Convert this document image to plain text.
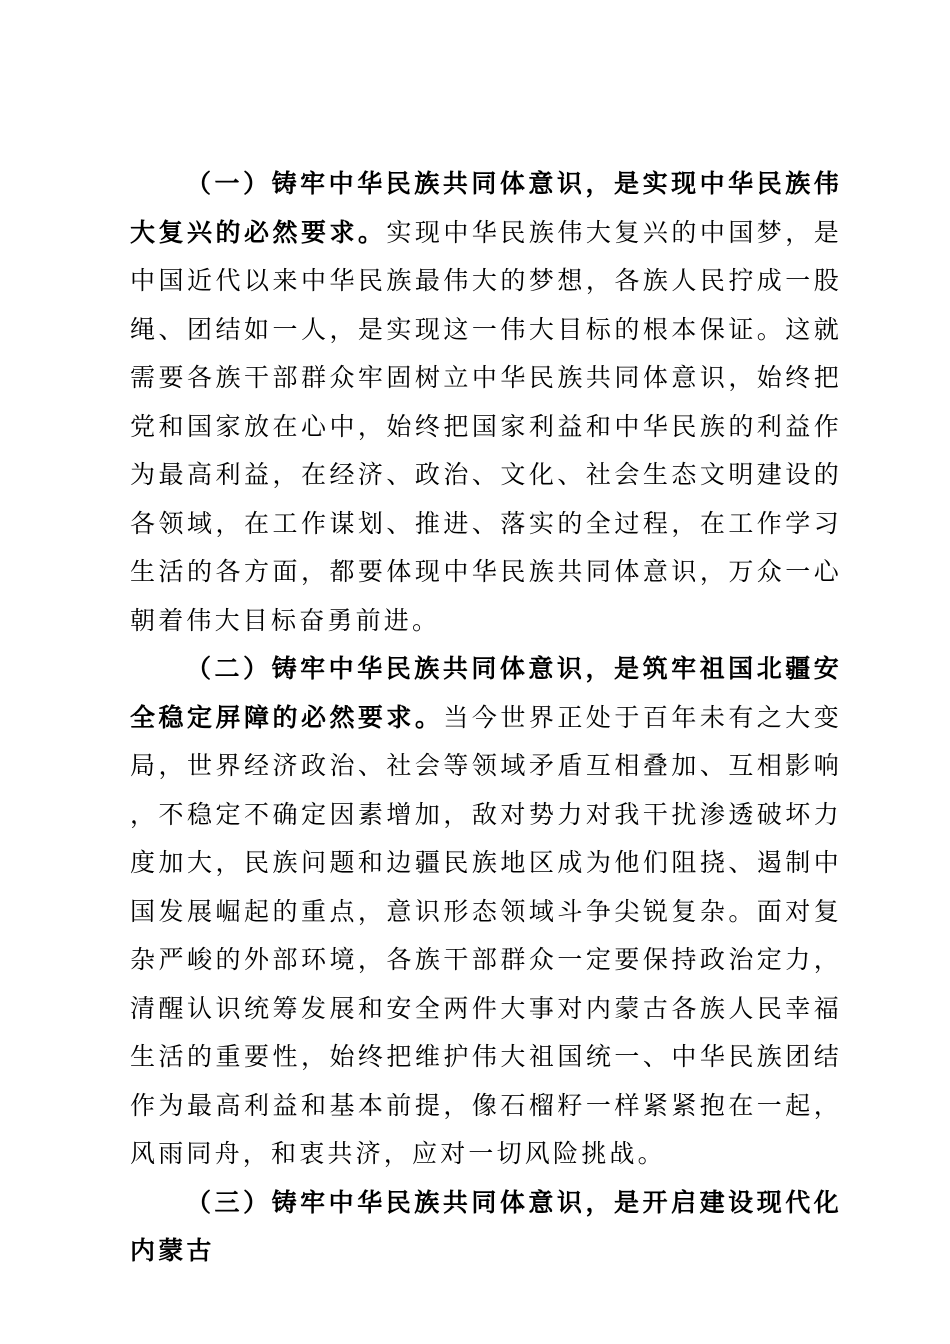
（一）铸牢中华民族共同体意识，是实现中华民族伟大复兴的必然要求。实现中华民族伟大复兴的中国梦，是中国近代以来中华民族最伟大的梦想，各族人民拧成一股绳、团结如一人，是实现这一伟大目标的根本保证。这就需要各族干部群众牢固树立中华民族共同体意识，始终把党和国家放在心中，始终把国家利益和中华民族的利益作为最高利益，在经济、政治、文化、社会生态文明建设的各领域，在工作谋划、推进、落实的全过程，在工作学习生活的各方面，都要体现中华民族共同体意识，万众一心朝着伟大目标奋勇前进。

（二）铸牢中华民族共同体意识，是筑牢祖国北疆安全稳定屏障的必然要求。当今世界正处于百年未有之大变局，世界经济政治、社会等领域矛盾互相叠加、互相影响，不稳定不确定因素增加，敌对势力对我干扰渗透破坏力度加大，民族问题和边疆民族地区成为他们阻挠、遏制中国发展崛起的重点，意识形态领域斗争尖锐复杂。面对复杂严峻的外部环境，各族干部群众一定要保持政治定力，清醒认识统筹发展和安全两件大事对内蒙古各族人民幸福生活的重要性，始终把维护伟大祖国统一、中华民族团结作为最高利益和基本前提，像石榴籽一样紧紧抱在一起，风雨同舟，和衷共济，应对一切风险挑战。

（三）铸牢中华民族共同体意识，是开启建设现代化内蒙古
